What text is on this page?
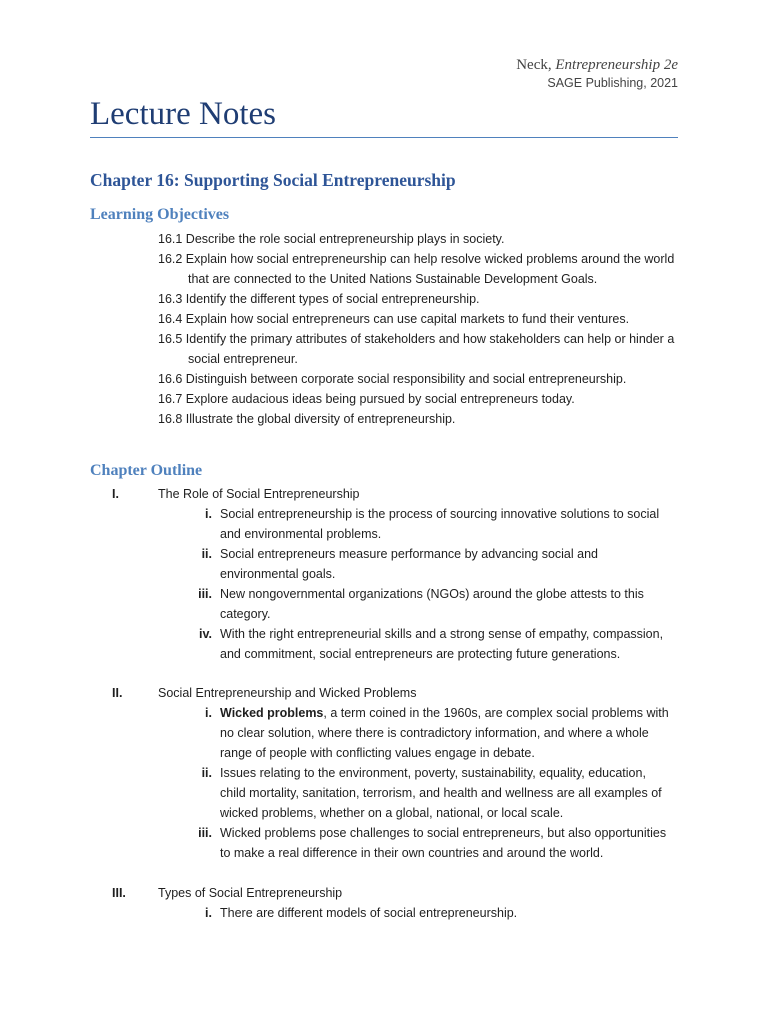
Neck, Entrepreneurship 2e
SAGE Publishing, 2021
Lecture Notes
Chapter 16: Supporting Social Entrepreneurship
Learning Objectives
16.1 Describe the role social entrepreneurship plays in society.
16.2 Explain how social entrepreneurship can help resolve wicked problems around the world that are connected to the United Nations Sustainable Development Goals.
16.3 Identify the different types of social entrepreneurship.
16.4 Explain how social entrepreneurs can use capital markets to fund their ventures.
16.5 Identify the primary attributes of stakeholders and how stakeholders can help or hinder a social entrepreneur.
16.6 Distinguish between corporate social responsibility and social entrepreneurship.
16.7 Explore audacious ideas being pursued by social entrepreneurs today.
16.8 Illustrate the global diversity of entrepreneurship.
Chapter Outline
I.	The Role of Social Entrepreneurship
i. Social entrepreneurship is the process of sourcing innovative solutions to social and environmental problems.
ii. Social entrepreneurs measure performance by advancing social and environmental goals.
iii. New nongovernmental organizations (NGOs) around the globe attests to this category.
iv. With the right entrepreneurial skills and a strong sense of empathy, compassion, and commitment, social entrepreneurs are protecting future generations.
II.	Social Entrepreneurship and Wicked Problems
i. Wicked problems, a term coined in the 1960s, are complex social problems with no clear solution, where there is contradictory information, and where a whole range of people with conflicting values engage in debate.
ii. Issues relating to the environment, poverty, sustainability, equality, education, child mortality, sanitation, terrorism, and health and wellness are all examples of wicked problems, whether on a global, national, or local scale.
iii. Wicked problems pose challenges to social entrepreneurs, but also opportunities to make a real difference in their own countries and around the world.
III.	Types of Social Entrepreneurship
i. There are different models of social entrepreneurship.
